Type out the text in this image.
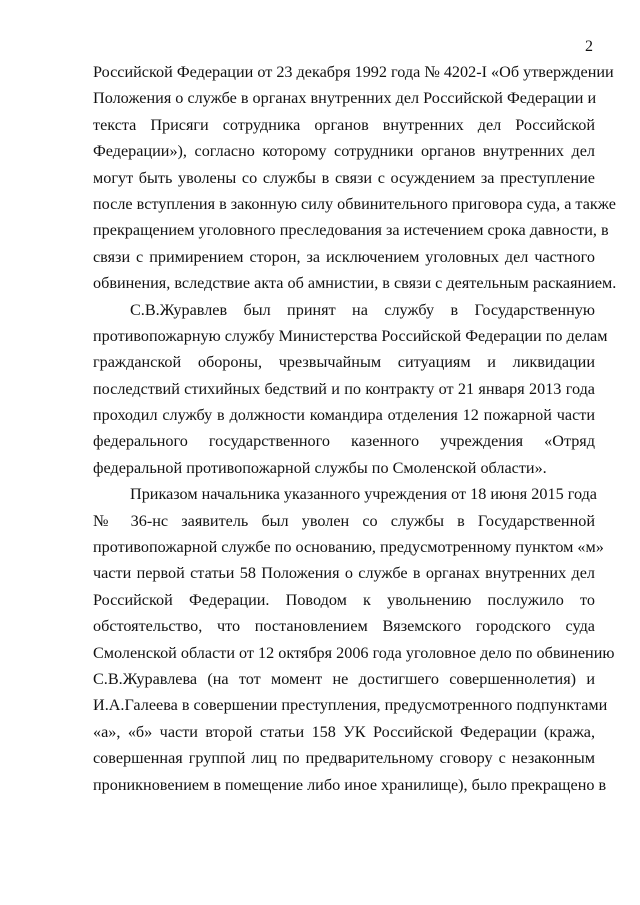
2
Российской Федерации от 23 декабря 1992 года № 4202-I «Об утверждении
Положения о службе в органах внутренних дел Российской Федерации и
текста Присяги сотрудника органов внутренних дел Российской
Федерации»), согласно которому сотрудники органов внутренних дел
могут быть уволены со службы в связи с осуждением за преступление
после вступления в законную силу обвинительного приговора суда, а также
прекращением уголовного преследования за истечением срока давности, в
связи с примирением сторон, за исключением уголовных дел частного
обвинения, вследствие акта об амнистии, в связи с деятельным раскаянием.
С.В.Журавлев был принят на службу в Государственную
противопожарную службу Министерства Российской Федерации по делам
гражданской обороны, чрезвычайным ситуациям и ликвидации
последствий стихийных бедствий и по контракту от 21 января 2013 года
проходил службу в должности командира отделения 12 пожарной части
федерального государственного казенного учреждения «Отряд
федеральной противопожарной службы по Смоленской области».
Приказом начальника указанного учреждения от 18 июня 2015 года
№ 36-нс заявитель был уволен со службы в Государственной
противопожарной службе по основанию, предусмотренному пунктом «м»
части первой статьи 58 Положения о службе в органах внутренних дел
Российской Федерации. Поводом к увольнению послужило то
обстоятельство, что постановлением Вяземского городского суда
Смоленской области от 12 октября 2006 года уголовное дело по обвинению
С.В.Журавлева (на тот момент не достигшего совершеннолетия) и
И.А.Галеева в совершении преступления, предусмотренного подпунктами
«а», «б» части второй статьи 158 УК Российской Федерации (кража,
совершенная группой лиц по предварительному сговору с незаконным
проникновением в помещение либо иное хранилище), было прекращено в
